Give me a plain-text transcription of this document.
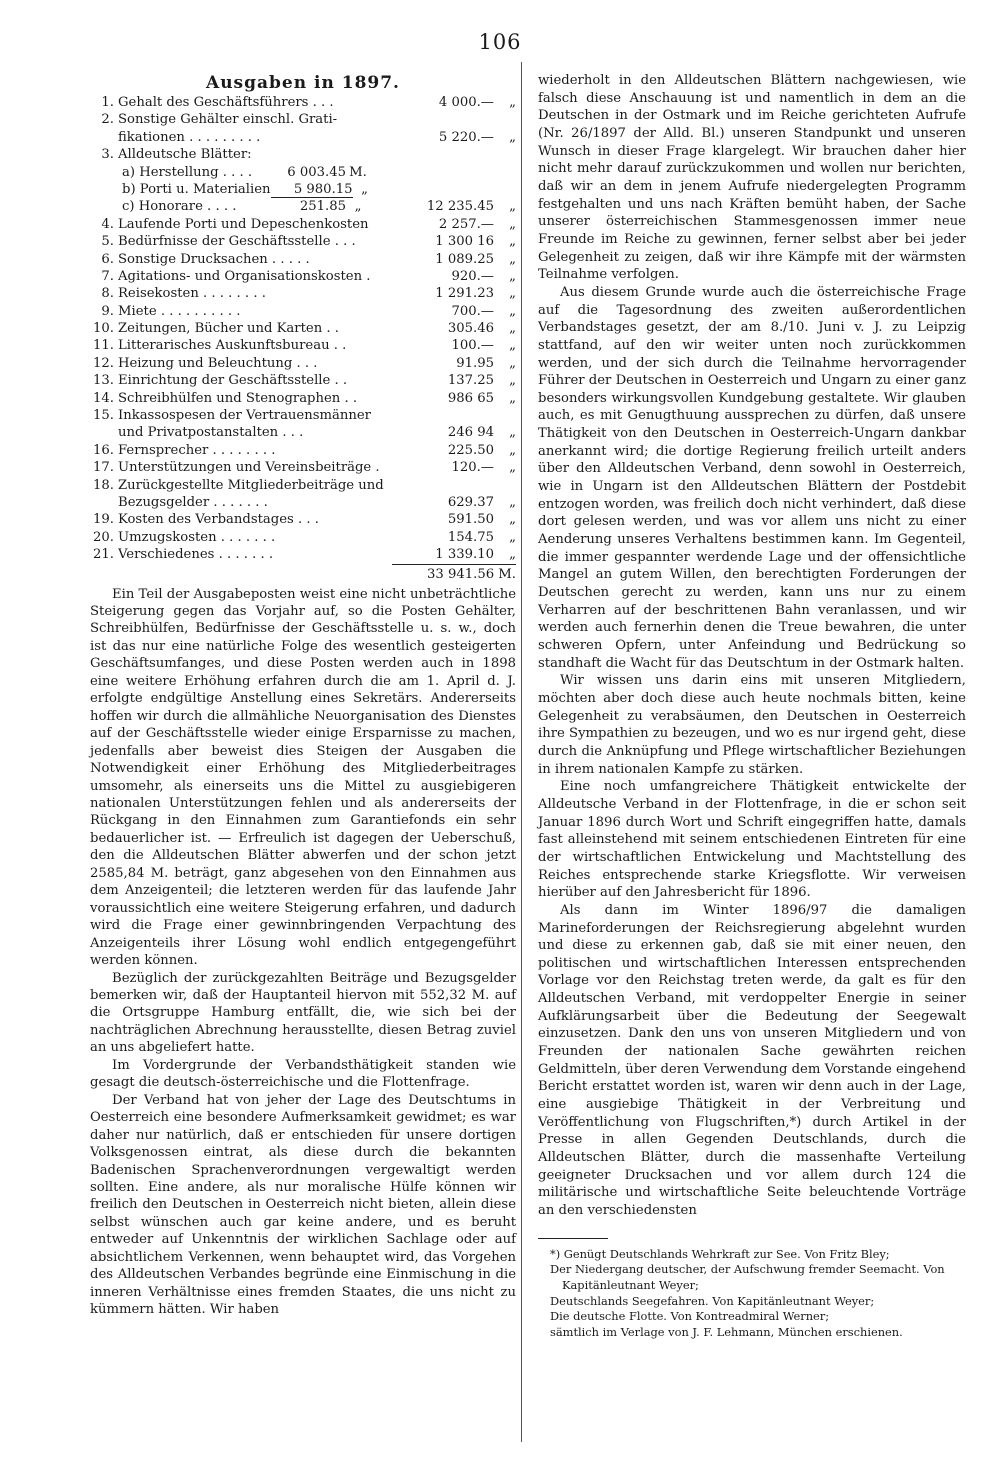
106
Ausgaben in 1897.
1. Gehalt des Geschäftsführers . . .	4 000.—	„
2. Sonstige Gehälter einschl. Grati-
fikationen . . . . . . . . .	5 220.—	„
3. Alldeutsche Blätter:
a) Herstellung . . . .	6 003.45 M.
b) Porti u. Materialien	5 980.15 „
c) Honorare . . . .	251.85 „	12 235.45	„
4. Laufende Porti und Depeschenkosten	2 257.—	„
5. Bedürfnisse der Geschäftsstelle . . .	1 300 16	„
6. Sonstige Drucksachen . . . . .	1 089.25	„
7. Agitations- und Organisationskosten .	920.—	„
8. Reisekosten . . . . . . . .	1 291.23	„
9. Miete . . . . . . . . . .	700.—	„
10. Zeitungen, Bücher und Karten . .	305.46	„
11. Litterarisches Auskunftsbureau . .	100.—	„
12. Heizung und Beleuchtung . . .	91.95	„
13. Einrichtung der Geschäftsstelle . .	137.25	„
14. Schreibhülfen und Stenographen . .	986 65	„
15. Inkassospesen der Vertrauensmänner
und Privatpostanstalten . . .	246 94	„
16. Fernsprecher . . . . . . . .	225.50	„
17. Unterstützungen und Vereinsbeiträge .	120.—	„
18. Zurückgestellte Mitgliederbeiträge und
Bezugsgelder . . . . . . .	629.37	„
19. Kosten des Verbandstages . . .	591.50	„
20. Umzugskosten . . . . . . .	154.75	„
21. Verschiedenes . . . . . . .	1 339.10	„
33 941.56 M.

Ein Teil der Ausgabeposten weist eine nicht unbeträchtliche Steigerung gegen das Vorjahr auf, so die Posten Gehälter, Schreibhülfen, Bedürfnisse der Geschäftsstelle u. s. w., doch ist das nur eine natürliche Folge des wesentlich gesteigerten Geschäftsumfanges, und diese Posten werden auch in 1898 eine weitere Erhöhung erfahren durch die am 1. April d. J. erfolgte endgültige Anstellung eines Sekretärs. Andererseits hoffen wir durch die allmähliche Neuorganisation des Dienstes auf der Geschäftsstelle wieder einige Ersparnisse zu machen, jedenfalls aber beweist dies Steigen der Ausgaben die Notwendigkeit einer Erhöhung des Mitgliederbeitrages umsomehr, als einerseits uns die Mittel zu ausgiebigeren nationalen Unterstützungen fehlen und als andererseits der Rückgang in den Einnahmen zum Garantiefonds ein sehr bedauerlicher ist. — Erfreulich ist dagegen der Ueberschuß, den die Alldeutschen Blätter abwerfen und der schon jetzt 2585,84 M. beträgt, ganz abgesehen von den Einnahmen aus dem Anzeigenteil; die letzteren werden für das laufende Jahr voraussichtlich eine weitere Steigerung erfahren, und dadurch wird die Frage einer gewinnbringenden Verpachtung des Anzeigenteils ihrer Lösung wohl endlich entgegengeführt werden können.

Bezüglich der zurückgezahlten Beiträge und Bezugsgelder bemerken wir, daß der Hauptanteil hiervon mit 552,32 M. auf die Ortsgruppe Hamburg entfällt, die, wie sich bei der nachträglichen Abrechnung herausstellte, diesen Betrag zuviel an uns abgeliefert hatte.

Im Vordergrunde der Verbandsthätigkeit standen wie gesagt die deutsch-österreichische und die Flottenfrage.

Der Verband hat von jeher der Lage des Deutschtums in Oesterreich eine besondere Aufmerksamkeit gewidmet; es war daher nur natürlich, daß er entschieden für unsere dortigen Volksgenossen eintrat, als diese durch die bekannten Badenischen Sprachenverordnungen vergewaltigt werden sollten. Eine andere, als nur moralische Hülfe können wir freilich den Deutschen in Oesterreich nicht bieten, allein diese selbst wünschen auch gar keine andere, und es beruht entweder auf Unkenntnis der wirklichen Sachlage oder auf absichtlichem Verkennen, wenn behauptet wird, das Vorgehen des Alldeutschen Verbandes begründe eine Einmischung in die inneren Verhältnisse eines fremden Staates, die uns nicht zu kümmern hätten. Wir haben

wiederholt in den Alldeutschen Blättern nachgewiesen, wie falsch diese Anschauung ist und namentlich in dem an die Deutschen in der Ostmark und im Reiche gerichteten Aufrufe (Nr. 26/1897 der Alld. Bl.) unseren Standpunkt und unseren Wunsch in dieser Frage klargelegt. Wir brauchen daher hier nicht mehr darauf zurückzukommen und wollen nur berichten, daß wir an dem in jenem Aufrufe niedergelegten Programm festgehalten und uns nach Kräften bemüht haben, der Sache unserer österreichischen Stammesgenossen immer neue Freunde im Reiche zu gewinnen, ferner selbst aber bei jeder Gelegenheit zu zeigen, daß wir ihre Kämpfe mit der wärmsten Teilnahme verfolgen.

Aus diesem Grunde wurde auch die österreichische Frage auf die Tagesordnung des zweiten außerordentlichen Verbandstages gesetzt, der am 8./10. Juni v. J. zu Leipzig stattfand, auf den wir weiter unten noch zurückkommen werden, und der sich durch die Teilnahme hervorragender Führer der Deutschen in Oesterreich und Ungarn zu einer ganz besonders wirkungsvollen Kundgebung gestaltete. Wir glauben auch, es mit Genugthuung aussprechen zu dürfen, daß unsere Thätigkeit von den Deutschen in Oesterreich-Ungarn dankbar anerkannt wird; die dortige Regierung freilich urteilt anders über den Alldeutschen Verband, denn sowohl in Oesterreich, wie in Ungarn ist den Alldeutschen Blättern der Postdebit entzogen worden, was freilich doch nicht verhindert, daß diese dort gelesen werden, und was vor allem uns nicht zu einer Aenderung unseres Verhaltens bestimmen kann. Im Gegenteil, die immer gespannter werdende Lage und der offensichtliche Mangel an gutem Willen, den berechtigten Forderungen der Deutschen gerecht zu werden, kann uns nur zu einem Verharren auf der beschrittenen Bahn veranlassen, und wir werden auch fernerhin denen die Treue bewahren, die unter schweren Opfern, unter Anfeindung und Bedrückung so standhaft die Wacht für das Deutschtum in der Ostmark halten.

Wir wissen uns darin eins mit unseren Mitgliedern, möchten aber doch diese auch heute nochmals bitten, keine Gelegenheit zu verabsäumen, den Deutschen in Oesterreich ihre Sympathien zu bezeugen, und wo es nur irgend geht, diese durch die Anknüpfung und Pflege wirtschaftlicher Beziehungen in ihrem nationalen Kampfe zu stärken.

Eine noch umfangreichere Thätigkeit entwickelte der Alldeutsche Verband in der Flottenfrage, in die er schon seit Januar 1896 durch Wort und Schrift eingegriffen hatte, damals fast alleinstehend mit seinem entschiedenen Eintreten für eine der wirtschaftlichen Entwickelung und Machtstellung des Reiches entsprechende starke Kriegsflotte. Wir verweisen hierüber auf den Jahresbericht für 1896.

Als dann im Winter 1896/97 die damaligen Marineforderungen der Reichsregierung abgelehnt wurden und diese zu erkennen gab, daß sie mit einer neuen, den politischen und wirtschaftlichen Interessen entsprechenden Vorlage vor den Reichstag treten werde, da galt es für den Alldeutschen Verband, mit verdoppelter Energie in seiner Aufklärungsarbeit über die Bedeutung der Seegewalt einzusetzen. Dank den uns von unseren Mitgliedern und von Freunden der nationalen Sache gewährten reichen Geldmitteln, über deren Verwendung dem Vorstande eingehend Bericht erstattet worden ist, waren wir denn auch in der Lage, eine ausgiebige Thätigkeit in der Verbreitung und Veröffentlichung von Flugschriften,*) durch Artikel in der Presse in allen Gegenden Deutschlands, durch die Alldeutschen Blätter, durch die massenhafte Verteilung geeigneter Drucksachen und vor allem durch 124 die militärische und wirtschaftliche Seite beleuchtende Vorträge an den verschiedensten

*) Genügt Deutschlands Wehrkraft zur See. Von Fritz Bley;

Der Niedergang deutscher, der Aufschwung fremder Seemacht. Von Kapitänleutnant Weyer;

Deutschlands Seegefahren. Von Kapitänleutnant Weyer;

Die deutsche Flotte. Von Kontreadmiral Werner;

sämtlich im Verlage von J. F. Lehmann, München erschienen.
